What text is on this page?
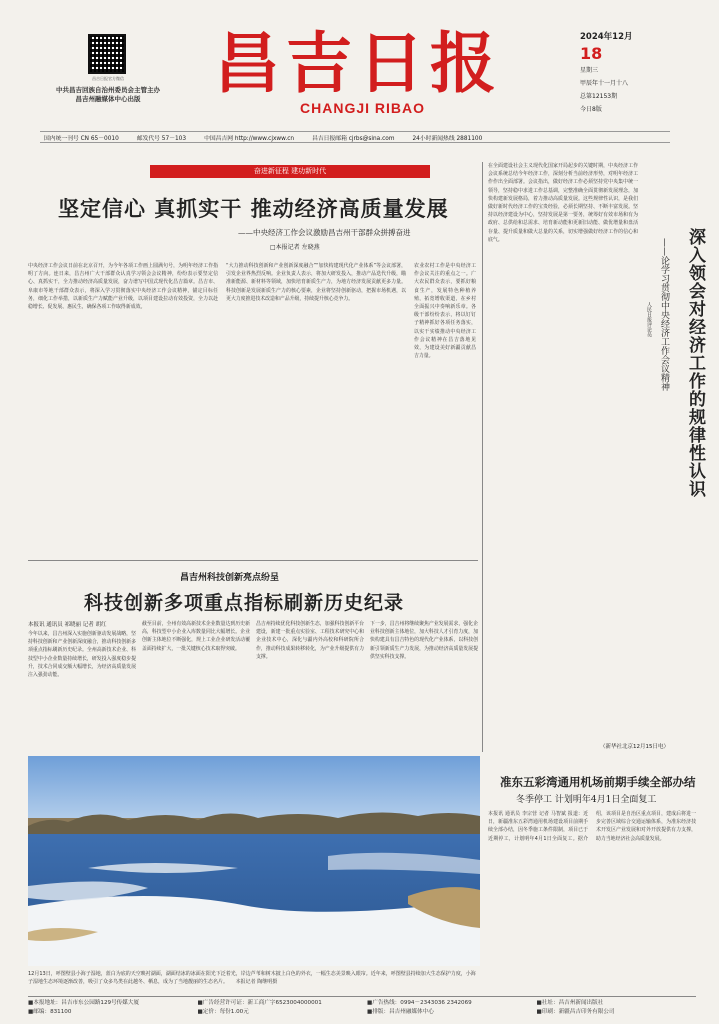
昌吉日报官方微信
中共昌吉回族自治州委员会主管主办
昌吉州融媒体中心出版	昌吉日报
CHANGJI RIBAO
2024年12月
18
星期三
甲辰年十一月十八
总第12153期
今日8版
国内统一刊号 CN 65－0010	邮发代号 57－103	中国昌吉网 http://www.cjxww.cn	昌吉日报邮箱 cjrbs@sina.com	24小时新闻热线 2881100
奋进新征程 建功新时代
坚定信心 真抓实干 推动经济高质量发展
——中央经济工作会议激励昌吉州干部群众拼搏奋进
□本报记者 左晓燕
中央经济工作会议日前在北京召开，为今年各项工作画上圆满句号，为明年经济工作指明了方向。连日来，昌吉州广大干部群众认真学习领会会议精神，纷纷表示要坚定信心、真抓实干，全力推动经济高质量发展，奋力谱写中国式现代化昌吉篇章。昌吉市、阜康市等地干部群众表示，将深入学习贯彻落实中央经济工作会议精神，锚定目标任务，细化工作举措，以新质生产力赋能产业升级，以项目建设拉动有效投资，全力以赴稳增长、促发展、惠民生，确保各项工作取得新成效。
“大力推动科技创新和产业创新深度融合”“加快构建现代化产业体系”等会议部署，引发企业界热烈反响。企业负责人表示，将加大研发投入，推动产品迭代升级，瞄准新能源、新材料等领域，加快培育新质生产力，为地方经济发展贡献更多力量。科技创新是发展新质生产力的核心要素，企业将坚持创新驱动，把握市场机遇，以更大力度推进技术改造和产品升级，持续提升核心竞争力。
农业农村工作是中央经济工作会议关注的重点之一。广大农民群众表示，要抓好粮食生产，发展特色种植养殖，拓宽增收渠道，在乡村全面振兴中奏响新乐章。各级干部纷纷表示，将以钉钉子精神抓好各项任务落实，以实干实绩推动中央经济工作会议精神在昌吉落地见效，为建设美好新疆贡献昌吉力量。	深入领会对经济工作的规律性认识
——论学习贯彻中央经济工作会议精神
人民日报评论员
在全面建设社会主义现代化国家开局起步的关键时期，中央经济工作会议系统总结今年经济工作，深刻分析当前经济形势，对明年经济工作作出全面部署。会议指出，做好经济工作必须坚持党中央集中统一领导，坚持稳中求进工作总基调，完整准确全面贯彻新发展理念，加快构建新发展格局，着力推动高质量发展。这些规律性认识，是我们做好新时代经济工作的宝贵经验，必须长期坚持、不断丰富发展。坚持以经济建设为中心，坚持发展是第一要务，统筹好有效市场和有为政府、总供给和总需求、培育新动能和更新旧动能、做优增量和盘活存量、提升质量和做大总量的关系，切实增强做好经济工作的信心和底气。
（新华社北京12月15日电）
昌吉州科技创新亮点纷呈
科技创新多项重点指标刷新历史纪录
本报讯 通讯员 祁晓丽 记者 胡红
今年以来，昌吉州深入实施创新驱动发展战略，坚持科技创新和产业创新深度融合，推动科技创新多项重点指标刷新历史纪录。全州高新技术企业、科技型中小企业数量持续增长，研发投入强度稳步提升，技术合同成交额大幅增长，为经济高质量发展注入强劲动能。
截至目前，全州有效高新技术企业数量达到历史新高，科技型中小企业入库数量同比大幅增长。企业创新主体地位不断强化，规上工业企业研发活动覆盖面持续扩大，一批关键核心技术取得突破。
昌吉州持续优化科技创新生态，加强科技创新平台建设，新建一批重点实验室、工程技术研究中心和企业技术中心，深化与疆内外高校和科研院所合作，推动科技成果转移转化，为产业升级提供有力支撑。
下一步，昌吉州将继续聚焦产业发展需求，强化企业科技创新主体地位，加大科技人才引育力度，加快构建具有昌吉特色的现代化产业体系，以科技创新引领新质生产力发展，为推动经济高质量发展提供坚实科技支撑。
12月13日，呼图壁县小海子湿地，蓝白为底的天空映衬湖面，湖面结冰的冰面在阳光下泛着光，岸边芦苇和树木披上白色的外衣，一幅生态美景映入眼帘。近年来，呼图壁县持续加大生态保护力度，小海子湿地生态环境逐渐改善，吸引了众多鸟类在此越冬、栖息，成为了当地靓丽的生态名片。 本报记者 陶继明摄
准东五彩湾通用机场前期手续全部办结
冬季停工 计划明年4月1日全面复工
本报讯 通讯员 李宗营 记者 马智斌 报道：近日，新疆准东五彩湾通用机场建设项目前期手续全部办结，因冬季施工条件限制，项目已于近期停工，计划明年4月1日全面复工。据介绍，该项目是自治区重点项目，建成后将进一步完善区域综合交通运输体系，为准东经济技术开发区产业发展和对外开放提供有力支撑，助力当地经济社会高质量发展。
■本报地址：昌吉市东公园路129号传媒大厦	■广告经营许可证：新工商广字6523004000001	■广告热线：0994－2343036 2342069	■社址：昌吉州新闻出版社
■邮编：831100	■定价：每份1.00元	■排版：昌吉州融媒体中心	■印刷：新疆昌吉印务有限公司
